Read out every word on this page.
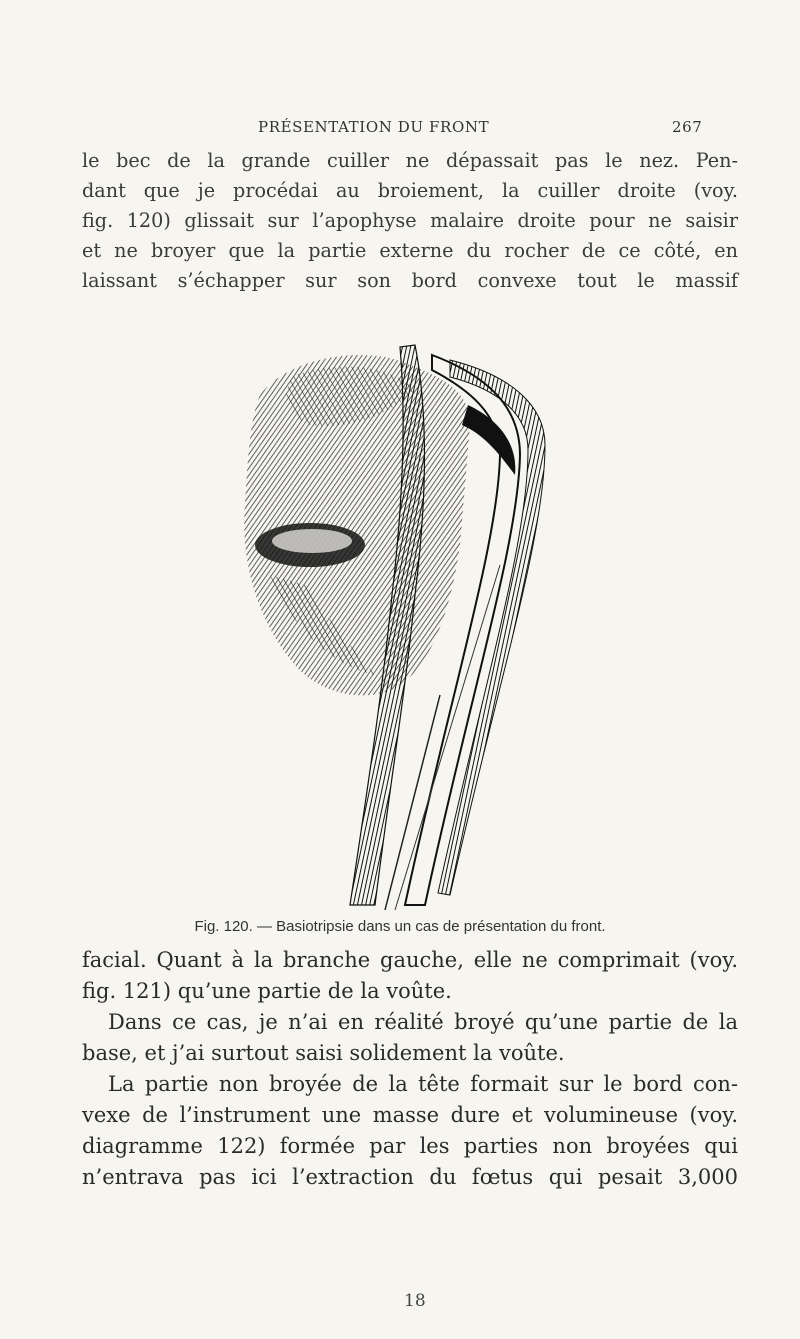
PRÉSENTATION DU FRONT	267
le bec de la grande cuiller ne dépassait pas le nez. Pen-
dant que je procédai au broiement, la cuiller droite (voy.
fig. 120) glissait sur l’apophyse malaire droite pour ne saisir
et ne broyer que la partie externe du rocher de ce côté, en
laissant s’échapper sur son bord convexe tout le massif
Fig. 120. — Basiotripsie dans un cas de présentation du front.
facial. Quant à la branche gauche, elle ne comprimait (voy.
fig. 121) qu’une partie de la voûte.
Dans ce cas, je n’ai en réalité broyé qu’une partie de la
base, et j’ai surtout saisi solidement la voûte.
La partie non broyée de la tête formait sur le bord con-
vexe de l’instrument une masse dure et volumineuse (voy.
diagramme 122) formée par les parties non broyées qui
n’entrava pas ici l’extraction du fœtus qui pesait 3,000
18
